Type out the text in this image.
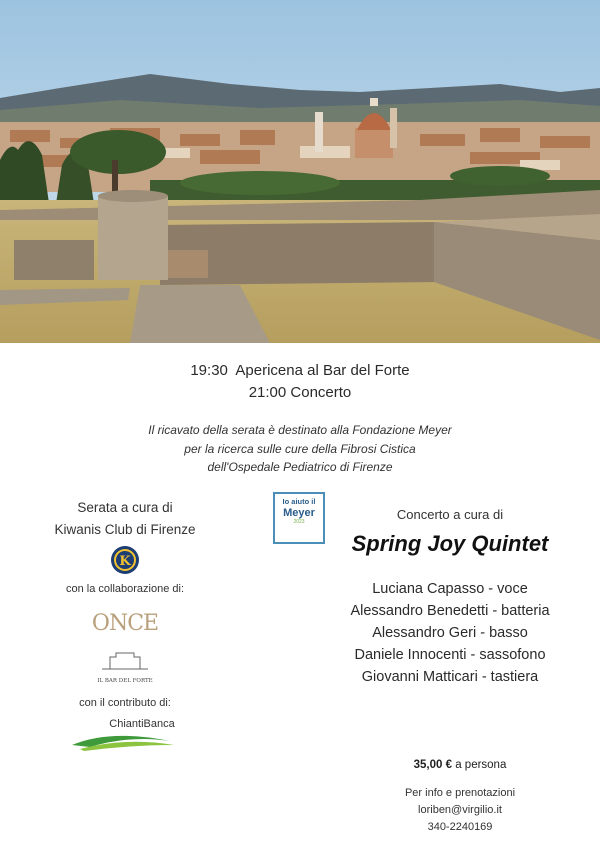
19:30  Apericena al Bar del Forte
21:00 Concerto
Il ricavato della serata è destinato alla Fondazione Meyer
per la ricerca sulle cure della Fibrosi Cistica
dell'Ospedale Pediatrico di Firenze
Serata a cura di
Kiwanis Club di Firenze
K
con la collaborazione di:
ONCE
IL BAR DEL FORTE
con il contributo di:
ChiantiBanca
Io aiuto il
Meyer
2023	Concerto a cura di
Spring Joy Quintet
Luciana Capasso - voce
Alessandro Benedetti - batteria
Alessandro Geri - basso
Daniele Innocenti - sassofono
Giovanni Matticari - tastiera
35,00 € a persona
Per info e prenotazioni
loriben@virgilio.it
340-2240169
